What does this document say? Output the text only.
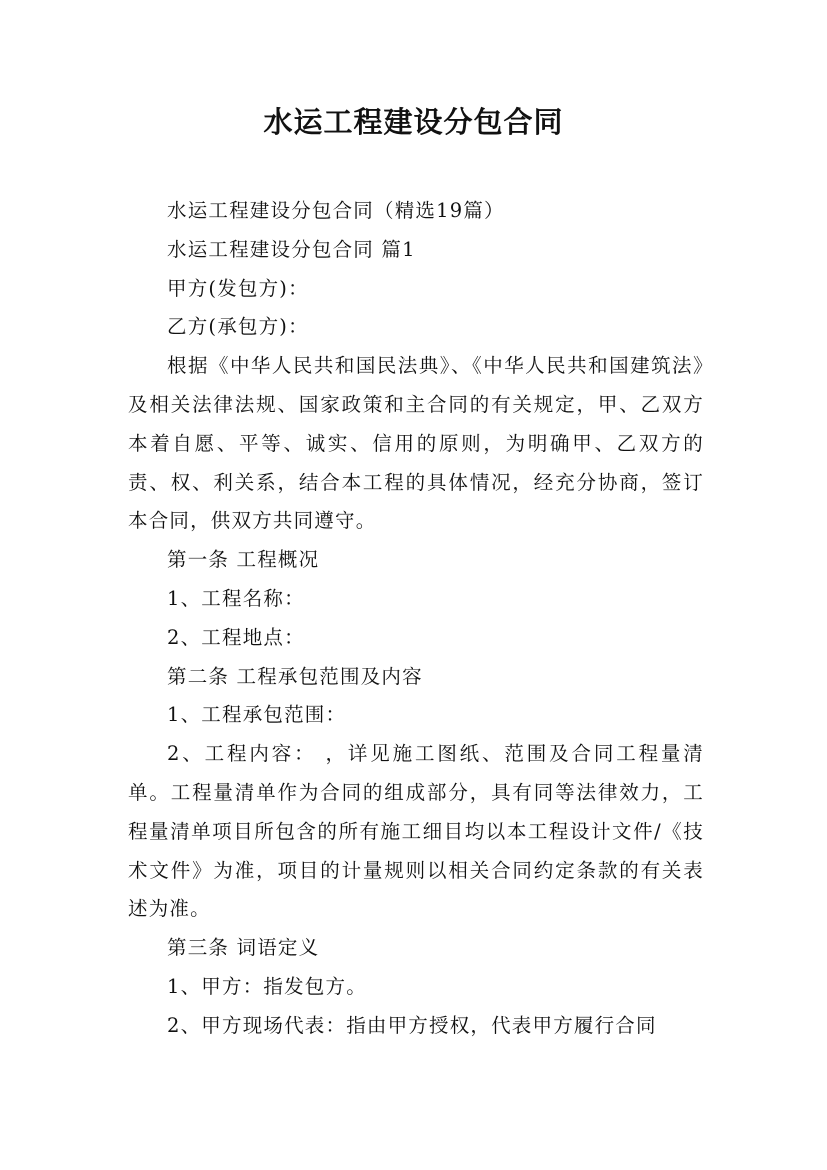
水运工程建设分包合同

水运工程建设分包合同（精选19篇）

水运工程建设分包合同 篇1

甲方(发包方)：

乙方(承包方)：

根据《中华人民共和国民法典》、《中华人民共和国建筑法》及相关法律法规、国家政策和主合同的有关规定，甲、乙双方本着自愿、平等、诚实、信用的原则，为明确甲、乙双方的责、权、利关系，结合本工程的具体情况，经充分协商，签订本合同，供双方共同遵守。

第一条 工程概况

1、工程名称：

2、工程地点：

第二条 工程承包范围及内容

1、工程承包范围：

2、工程内容： ，详见施工图纸、范围及合同工程量清单。工程量清单作为合同的组成部分，具有同等法律效力，工程量清单项目所包含的所有施工细目均以本工程设计文件/《技术文件》为准，项目的计量规则以相关合同约定条款的有关表述为准。

第三条 词语定义

1、甲方：指发包方。

2、甲方现场代表：指由甲方授权，代表甲方履行合同
